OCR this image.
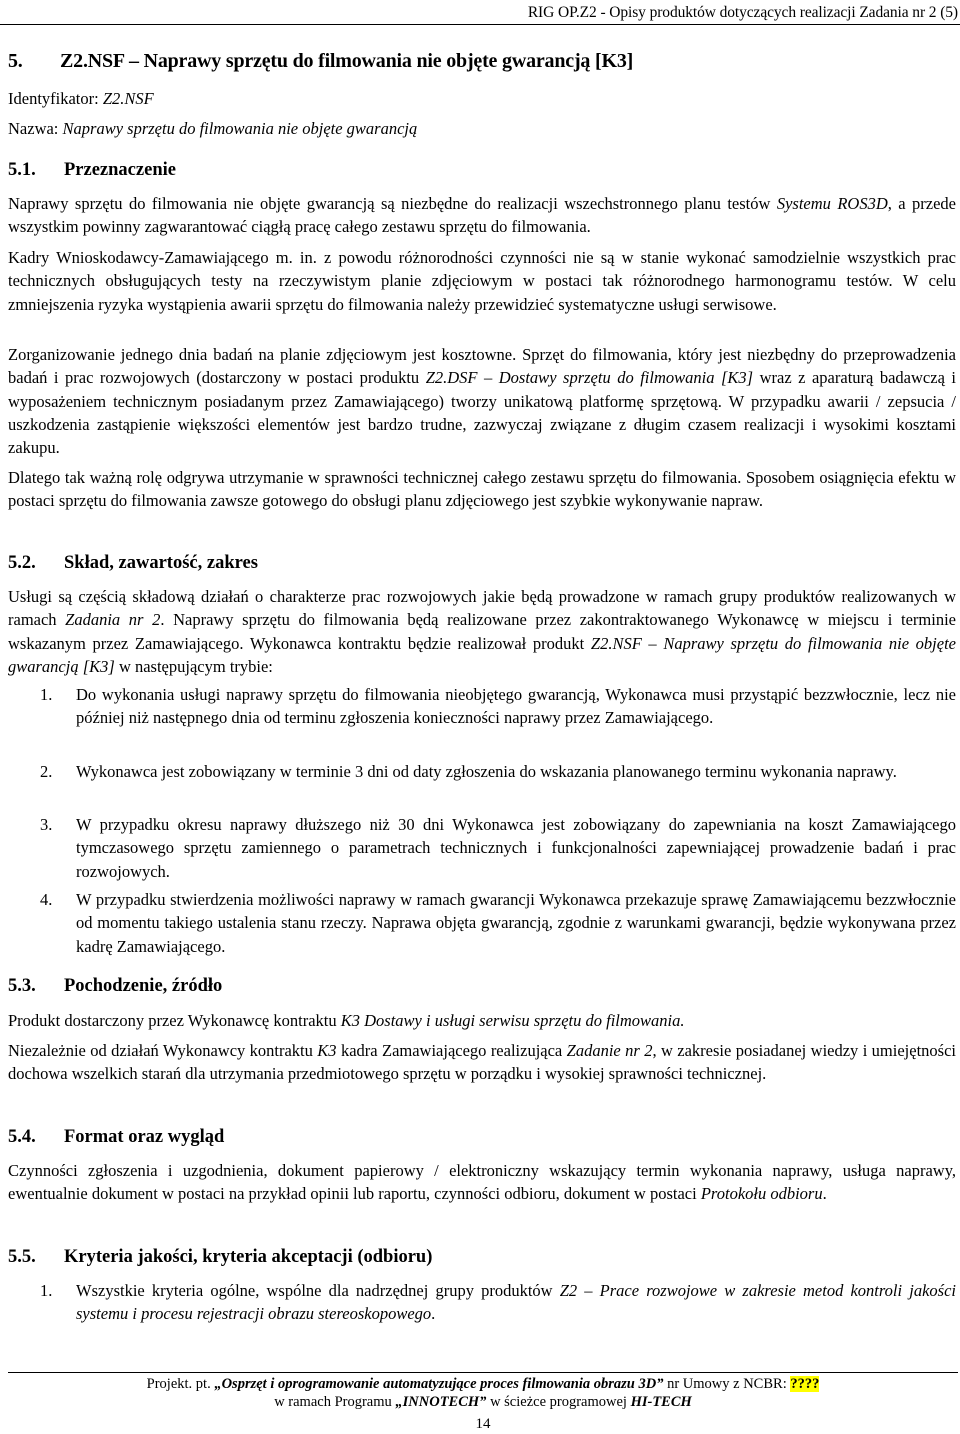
RIG OP.Z2 - Opisy produktów dotyczących realizacji Zadania nr 2 (5)
5. Z2.NSF – Naprawy sprzętu do filmowania nie objęte gwarancją [K3]
Identyfikator: Z2.NSF
Nazwa: Naprawy sprzętu do filmowania nie objęte gwarancją
5.1. Przeznaczenie
Naprawy sprzętu do filmowania nie objęte gwarancją są niezbędne do realizacji wszechstronnego planu testów Systemu ROS3D, a przede wszystkim powinny zagwarantować ciągłą pracę całego zestawu sprzętu do filmowania.
Kadry Wnioskodawcy-Zamawiającego m. in. z powodu różnorodności czynności nie są w stanie wykonać samodzielnie wszystkich prac technicznych obsługujących testy na rzeczywistym planie zdjęciowym w postaci tak różnorodnego harmonogramu testów. W celu zmniejszenia ryzyka wystąpienia awarii sprzętu do filmowania należy przewidzieć systematyczne usługi serwisowe.
Zorganizowanie jednego dnia badań na planie zdjęciowym jest kosztowne. Sprzęt do filmowania, który jest niezbędny do przeprowadzenia badań i prac rozwojowych (dostarczony w postaci produktu Z2.DSF – Dostawy sprzętu do filmowania [K3] wraz z aparaturą badawczą i wyposażeniem technicznym posiadanym przez Zamawiającego) tworzy unikatową platformę sprzętową. W przypadku awarii / zepsucia / uszkodzenia zastąpienie większości elementów jest bardzo trudne, zazwyczaj związane z długim czasem realizacji i wysokimi kosztami zakupu.
Dlatego tak ważną rolę odgrywa utrzymanie w sprawności technicznej całego zestawu sprzętu do filmowania. Sposobem osiągnięcia efektu w postaci sprzętu do filmowania zawsze gotowego do obsługi planu zdjęciowego jest szybkie wykonywanie napraw.
5.2. Skład, zawartość, zakres
Usługi są częścią składową działań o charakterze prac rozwojowych jakie będą prowadzone w ramach grupy produktów realizowanych w ramach Zadania nr 2. Naprawy sprzętu do filmowania będą realizowane przez zakontraktowanego Wykonawcę w miejscu i terminie wskazanym przez Zamawiającego. Wykonawca kontraktu będzie realizował produkt Z2.NSF – Naprawy sprzętu do filmowania nie objęte gwarancją [K3] w następującym trybie:
1. Do wykonania usługi naprawy sprzętu do filmowania nieobjętego gwarancją, Wykonawca musi przystąpić bezzwłocznie, lecz nie później niż następnego dnia od terminu zgłoszenia konieczności naprawy przez Zamawiającego.
2. Wykonawca jest zobowiązany w terminie 3 dni od daty zgłoszenia do wskazania planowanego terminu wykonania naprawy.
3. W przypadku okresu naprawy dłuższego niż 30 dni Wykonawca jest zobowiązany do zapewniania na koszt Zamawiającego tymczasowego sprzętu zamiennego o parametrach technicznych i funkcjonalności zapewniającej prowadzenie badań i prac rozwojowych.
4. W przypadku stwierdzenia możliwości naprawy w ramach gwarancji Wykonawca przekazuje sprawę Zamawiającemu bezzwłocznie od momentu takiego ustalenia stanu rzeczy. Naprawa objęta gwarancją, zgodnie z warunkami gwarancji, będzie wykonywana przez kadrę Zamawiającego.
5.3. Pochodzenie, źródło
Produkt dostarczony przez Wykonawcę kontraktu K3 Dostawy i usługi serwisu sprzętu do filmowania.
Niezależnie od działań Wykonawcy kontraktu K3 kadra Zamawiającego realizująca Zadanie nr 2, w zakresie posiadanej wiedzy i umiejętności dochowa wszelkich starań dla utrzymania przedmiotowego sprzętu w porządku i wysokiej sprawności technicznej.
5.4. Format oraz wygląd
Czynności zgłoszenia i uzgodnienia, dokument papierowy / elektroniczny wskazujący termin wykonania naprawy, usługa naprawy, ewentualnie dokument w postaci na przykład opinii lub raportu, czynności odbioru, dokument w postaci Protokołu odbioru.
5.5. Kryteria jakości, kryteria akceptacji (odbioru)
1. Wszystkie kryteria ogólne, wspólne dla nadrzędnej grupy produktów Z2 – Prace rozwojowe w zakresie metod kontroli jakości systemu i procesu rejestracji obrazu stereoskopowego.
Projekt. pt. „Osprzęt i oprogramowanie automatyzujące proces filmowania obrazu 3D” nr Umowy z NCBR: ????
w ramach Programu „INNOTECH” w ścieżce programowej HI-TECH
14
